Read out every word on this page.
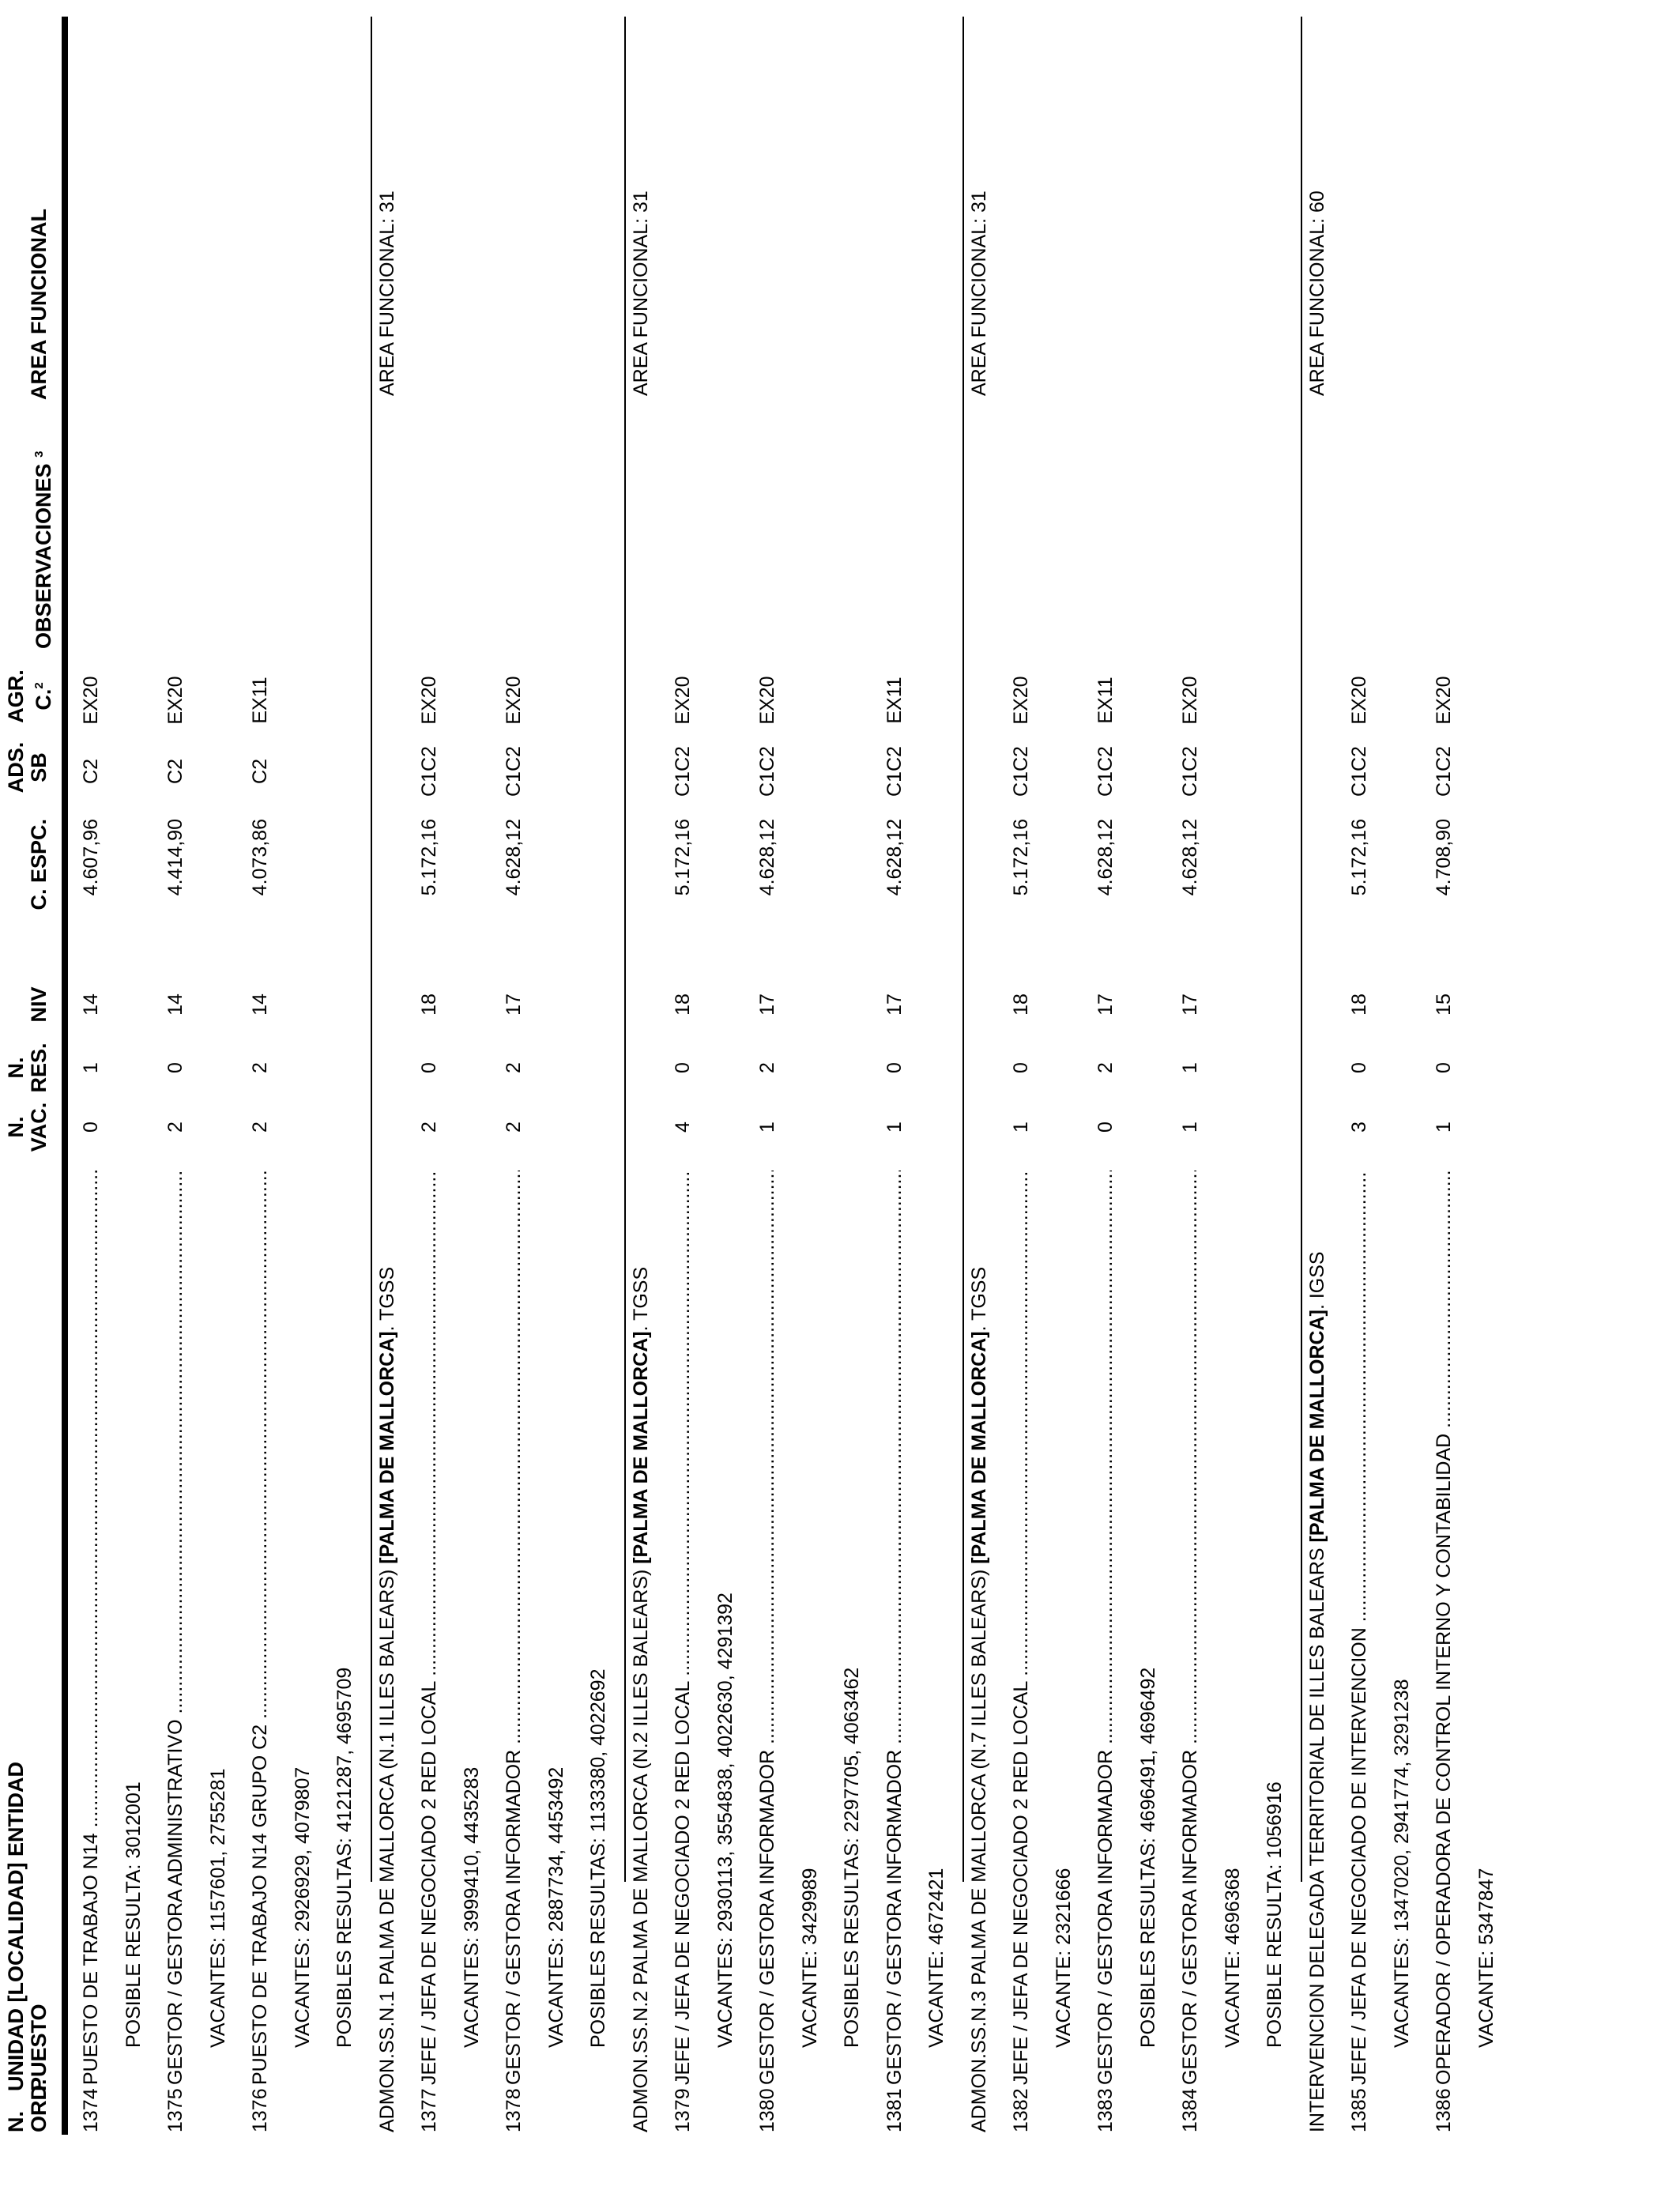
N.
ORD.
UNIDAD [LOCALIDAD] ENTIDAD
PUESTO
N.
VAC.
N.
RES.
NIV
C. ESPC.
ADS.
SB
AGR. C.$^2$
OBSERVACIONES $^3$
AREA FUNCIONAL
1374
PUESTO DE TRABAJO N14 .....
0
1
14
4.607,96
C2
EX20
POSIBLE RESULTA: 3012001
1375
GESTOR / GESTORA ADMINISTRATIVO .....
2
0
14
4.414,90
C2
EX20
VACANTES: 1157601, 2755281
1376
PUESTO DE TRABAJO N14 GRUPO C2 .....
2
2
14
4.073,86
C2
EX11
VACANTES: 2926929, 4079807 POSIBLES RESULTAS: 4121287, 4695709 ADMON.SS.N.1 PALMA DE MALLORCA (N.1 ILLES BALEARS) [PALMA DE MALLORCA]. TGSS
AREA FUNCIONAL: 31
1377
JEFE / JEFA DE NEGOCIADO 2 RED LOCAL .....
2
0
18
5.172,16
C1C2
EX20
VACANTES: 3999410, 4435283
1378
GESTOR / GESTORA INFORMADOR .....
2
2
17
4.628,12
C1C2
EX20
VACANTES: 2887734, 4453492 POSIBLES RESULTAS: 1133380, 4022692 ADMON.SS.N.2 PALMA DE MALLORCA (N.2 ILLES BALEARS) [PALMA DE MALLORCA]. TGSS
AREA FUNCIONAL: 31
1379
JEFE / JEFA DE NEGOCIADO 2 RED LOCAL .....
4
0
18
5.172,16
C1C2
EX20
VACANTES: 2930113, 3554838, 4022630, 4291392
1380
GESTOR / GESTORA INFORMADOR .....
1
2
17
4.628,12
C1C2
EX20
VACANTE: 3429989 POSIBLES RESULTAS: 2297705, 4063462
1381
GESTOR / GESTORA INFORMADOR .....
1
0
17
4.628,12
C1C2
EX11
VACANTE: 4672421 ADMON.SS.N.3 PALMA DE MALLORCA (N.7 ILLES BALEARS) [PALMA DE MALLORCA]. TGSS
AREA FUNCIONAL: 31
1382
JEFE / JEFA DE NEGOCIADO 2 RED LOCAL .....
1
0
18
5.172,16
C1C2
EX20
VACANTE: 2321666
1383
GESTOR / GESTORA INFORMADOR .....
0
2
17
4.628,12
C1C2
EX11
POSIBLES RESULTAS: 4696491, 4696492
1384
GESTOR / GESTORA INFORMADOR .....
1
1
17
4.628,12
C1C2
EX20
VACANTE: 4696368 POSIBLE RESULTA: 1056916 INTERVENCION DELEGADA TERRITORIAL DE ILLES BALEARS [PALMA DE MALLORCA]. IGSS
AREA FUNCIONAL: 60
1385
JEFE / JEFA DE NEGOCIADO DE INTERVENCION .....
3
0
18
5.172,16
C1C2
EX20
VACANTES: 1347020, 2941774, 3291238
1386
OPERADOR / OPERADORA DE CONTROL INTERNO Y CONTABILIDAD .....
1
0
15
4.708,90
C1C2
EX20
VACANTE: 5347847
